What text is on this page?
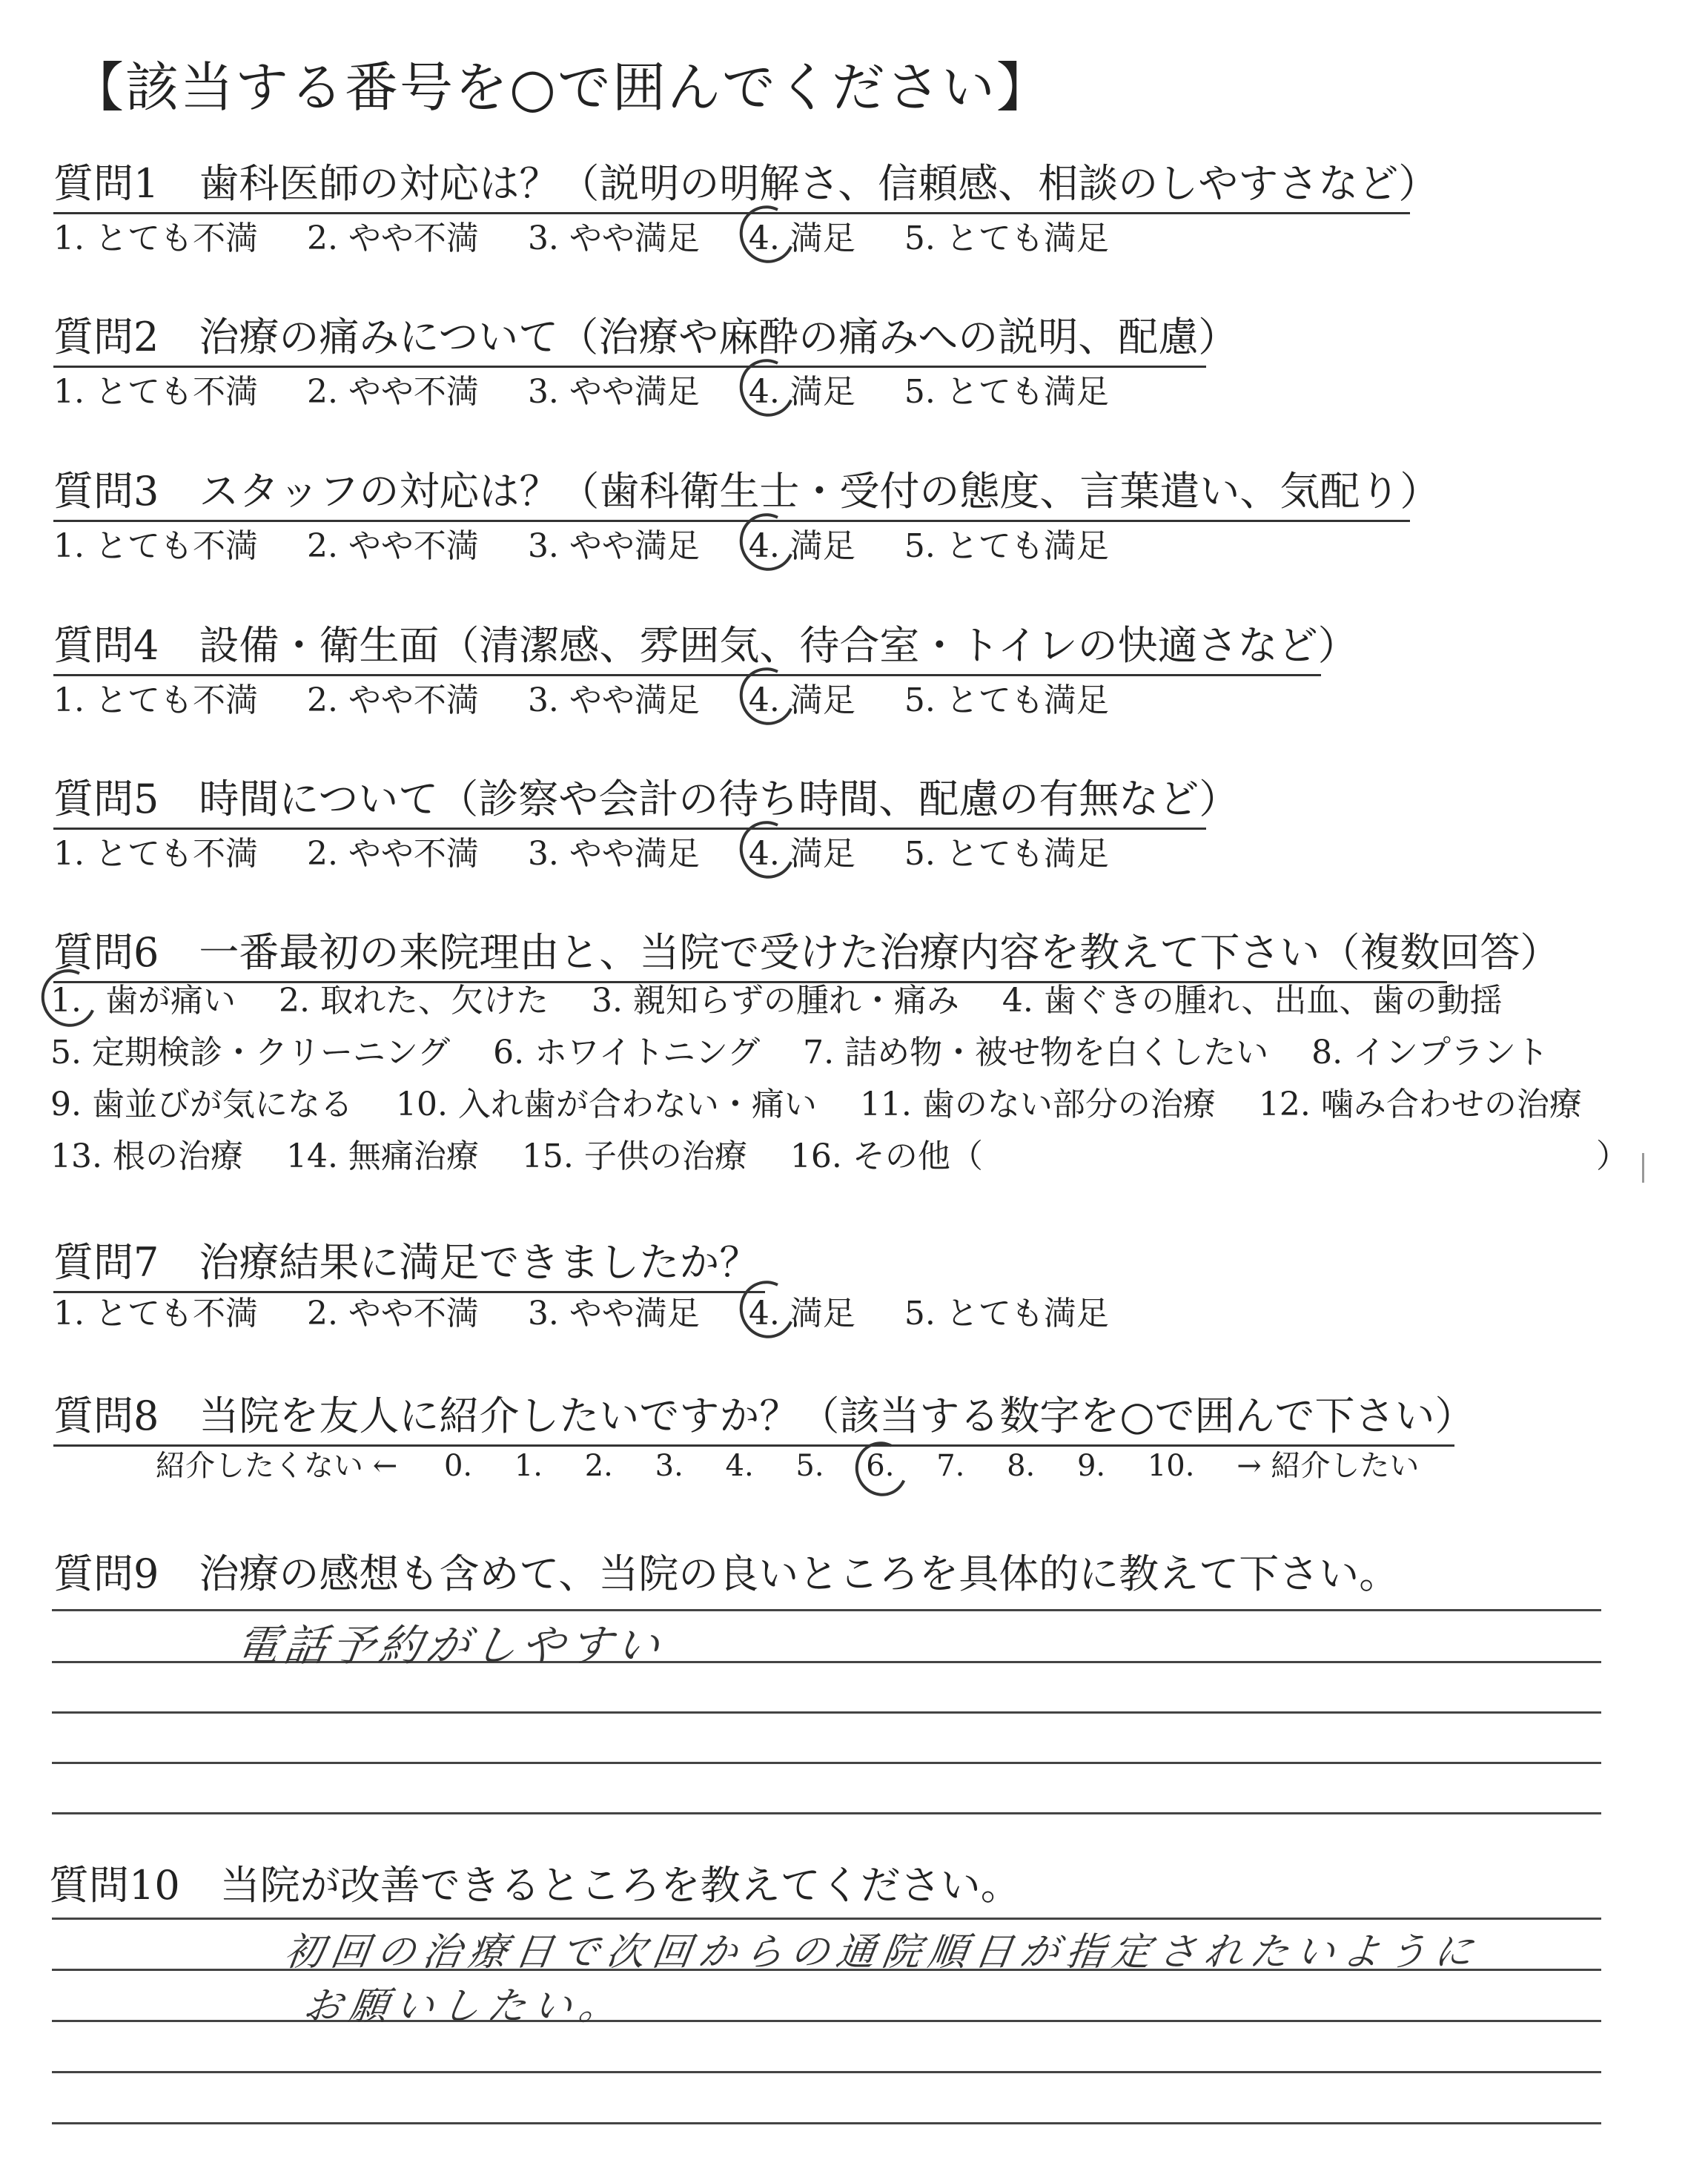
【該当する番号を○で囲んでください】
質問1　 歯科医師の対応は？（説明の明解さ、信頼感、相談のしやすさなど）
1. とても不満 2. やや不満 3. やや満足 4. 満足 5. とても満足
質問2　 治療の痛みについて（治療や麻酔の痛みへの説明、配慮）
1. とても不満 2. やや不満 3. やや満足 4. 満足 5. とても満足
質問3　 スタッフの対応は？（歯科衛生士・受付の態度、言葉遣い、気配り）
1. とても不満 2. やや不満 3. やや満足 4. 満足 5. とても満足
質問4　 設備・衛生面（清潔感、雰囲気、待合室・トイレの快適さなど）
1. とても不満 2. やや不満 3. やや満足 4. 満足 5. とても満足
質問5　 時間について（診察や会計の待ち時間、配慮の有無など）
1. とても不満 2. やや不満 3. やや満足 4. 満足 5. とても満足
質問6　 一番最初の来院理由と、当院で受けた治療内容を教えて下さい（複数回答）
1. 歯が痛い 2. 取れた、欠けた 3. 親知らずの腫れ・痛み 4. 歯ぐきの腫れ、出血、歯の動揺
5. 定期検診・クリーニング 6. ホワイトニング 7. 詰め物・被せ物を白くしたい 8. インプラント
9. 歯並びが気になる 10. 入れ歯が合わない・痛い 11. 歯のない部分の治療 12. 噛み合わせの治療
13. 根の治療 14. 無痛治療 15. 子供の治療 16. その他（	）
質問7　 治療結果に満足できましたか？
1. とても不満 2. やや不満 3. やや満足 4. 満足 5. とても満足
質問8　 当院を友人に紹介したいですか？（該当する数字を○で囲んで下さい）
紹介したくない ← 0. 1. 2. 3. 4. 5. 6. 7. 8. 9. 10. → 紹介したい
質問9　 治療の感想も含めて、当院の良いところを具体的に教えて下さい。
電話予約がしやすい
質問10　 当院が改善できるところを教えてください。
初回の治療日で次回からの通院順日が指定されたいように
お願いしたい。
